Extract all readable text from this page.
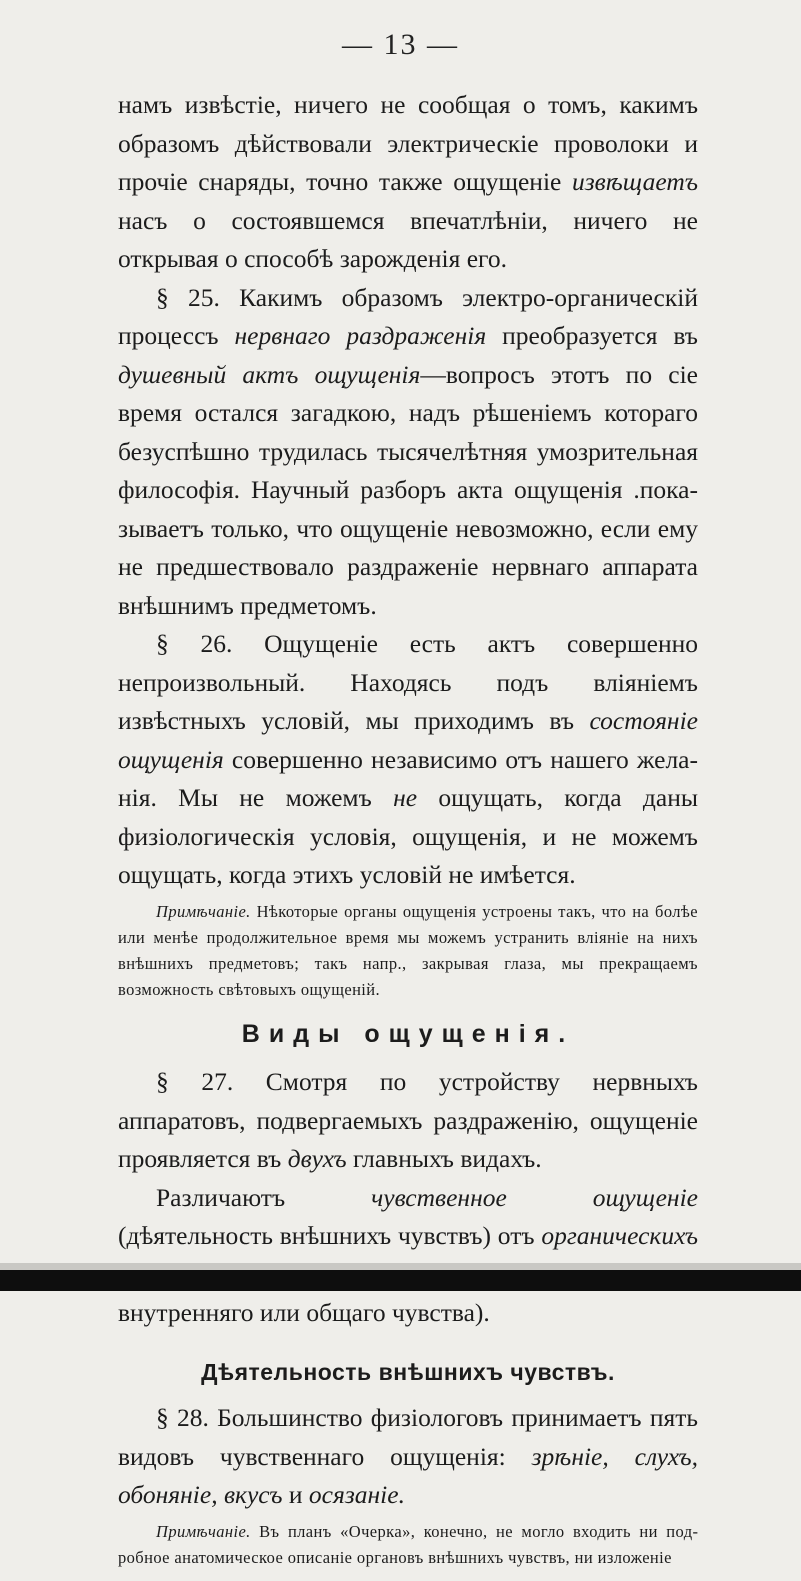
— 13 —

намъ извѣстіе, ничего не сообщая о томъ, какимъ образомъ дѣйствовали электрическіе проволоки и прочіе снаряды, точно также ощущеніе извѣщаетъ насъ о состоявшемся впечатлѣніи, ничего не открывая о способѣ зарожденія его.

§ 25. Какимъ образомъ электро-органическій процессъ нервнаго раздраженія преобразуется въ душевный актъ ощущенія—вопросъ этотъ по сіе время остался загадкою, надъ рѣшеніемъ котораго безуспѣшно трудилась тысячелѣтняя умозрительная философія. Научный разборъ акта ощущенія .показываетъ только, что ощущеніе невозможно, если ему не предшествовало раздраженіе нервнаго аппарата внѣшнимъ предметомъ.

§ 26. Ощущеніе есть актъ совершенно непроизвольный. Находясь подъ вліяніемъ извѣстныхъ условій, мы приходимъ въ состояніе ощущенія совершенно независимо отъ нашего желанія. Мы не можемъ не ощущать, когда даны физіологическія условія, ощущенія, и не можемъ ощущать, когда этихъ условій не имѣется.

Примѣчаніе. Нѣкоторые органы ощущенія устроены такъ, что на болѣе или менѣе продолжительное время мы можемъ устранить вліяніе на нихъ внѣшнихъ предметовъ; такъ напр., закрывая глаза, мы прекращаемъ возможность свѣтовыхъ ощущеній.

Виды ощущенія.

§ 27. Смотря по устройству нервныхъ аппаратовъ, подвергаемыхъ раздраженію, ощущеніе проявляется въ двухъ главныхъ видахъ.

Различаютъ чувственное ощущеніе (дѣятельность внѣшнихъ чувствъ) отъ органическихъ внутренняго или общаго чувства).

Дѣятельность внѣшнихъ чувствъ.

§ 28. Большинство физіологовъ принимаетъ пять видовъ чувственнаго ощущенія: зрѣніе, слухъ, обоняніе, вкусъ и осязаніе.

Примѣчаніе. Въ планъ «Очерка», конечно, не могло входить ни подробное анатомическое описаніе органовъ внѣшнихъ чувствъ, ни изложеніе
